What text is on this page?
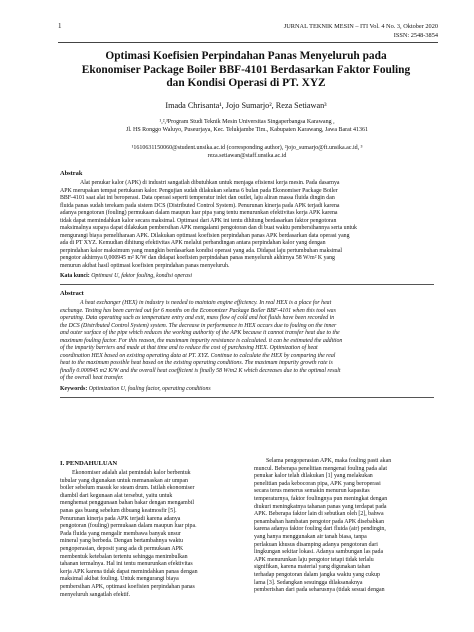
1	JURNAL TEKNIK MESIN – ITI Vol. 4 No. 3, Oktober 2020
ISSN: 2548-3854
Optimasi Koefisien Perpindahan Panas Menyeluruh pada
Ekonomiser Package Boiler BBF-4101 Berdasarkan Faktor Fouling
dan Kondisi Operasi di PT. XYZ
Imada Chrisanta¹, Jojo Sumarjo², Reza Setiawan³
¹,²,³Program Studi Teknik Mesin Universitas Singaperbangsa Karawang ,
Jl. HS Ronggo Waluyo, Puseurjaya, Kec. Telukjambe Tim., Kabupaten Karawang, Jawa Barat 41361
¹1610631150060@student.unsika.ac.id (corresponding author), ²jojo_sumarjo@ft.unsika.ac.id, ³
reza.setiawan@staff.unsika.ac.id
Abstrak
Alat penukar kalor (APK) di industri sangatlah dibutuhkan untuk menjaga efisiensi kerja mesin. Pada dasarnya
APK merupakan tempat pertukaran kalor. Pengujian sudah dilakukan selama 6 bulan pada Ekonomiser Package Boiler
BBF-4101 saat alat ini beroperasi. Data operasi seperti temperatur inlet dan outlet, laju aliran massa fluida dingin dan
fluida panas sudah terekam pada sistem DCS (Distributed Control System). Penurunan kinerja pada APK terjadi karena
adanya pengotoran (fouling) permukaan dalam maupun luar pipa yang tentu menurunkan efektivitas kerja APK karena
tidak dapat memindahkan kalor secara maksimal. Optimasi dari APK ini tentu dihitung berdasarkan faktor pengotoran
maksimalnya supaya dapat dilakukan pembersihan APK mengalami pengotoran dan di buat waktu pembersihannya serta untuk
mengurangi biaya pemeliharaan APK. Dilakukan optimasi koefisien perpindahan panas APK berdasarkan data operasi yang
ada di PT XYZ. Kemudian dihitung efektivitas APK melalui perbandingan antara perpindahan kalor yang dengan
perpindahan kalor maksimum yang mungkin berdasarkan kondisi operasi yang ada. Didapat laju pertumbuhan maksimal
pengotor akhirnya 0,000945 m² K/W dan didapat koefisien perpindahan panas menyeluruh akhirnya 58 W/m² K yang
menurun akibat hasil optimasi koefisien perpindahan panas menyeluruh.
Kata kunci: Optimasi U, faktor fouling, kondisi operasi
Abstract
A heat exchanger (HEX) in industry is needed to maintain engine efficiency. In real HEX is a place for heat
exchange. Testing has been carried out for 6 months on the Economizer Package Boiler BBF-4101 when this tool was
operating. Data operating such as temperature entry and exit, mass flow of cold and hot fluids have been recorded in
the DCS (Distributed Control System) system. The decrease in performance in HEX occurs due to fouling on the inner
and outer surface of the pipe which reduces the working authority of the APK because it cannot transfer heat due to the
maximum fouling factor. For this reason, the maximum impurity resistance is calculated. it can be estimated the addition
of the impurity barriers and made at that time and to reduce the cost of purchasing HEX. Optimization of heat
coordination HEX based on existing operating data at PT. XYZ. Continue to calculate the HEX by comparing the real
heat to the maximum possible heat based on the existing operating conditions. The maximum impurity growth rate is
finally 0.000945 m2 K/W and the overall heat coefficient is finally 58 W/m2 K which decreases due to the optimal result
of the overall heat transfer.
Keywords: Optimization U, fouling factor, operating conditions
I. PENDAHULUAN
Ekonomiser adalah alat pemindah kalor berbentuk
tubular yang digunakan untuk memanaskan air umpan
boiler sebelum masuk ke steam drum. Istilah ekonomiser
diambil dari kegunaan alat tersebut, yaitu untuk
menghemat penggunaan bahan bakar dengan mengambil
panas gas buang sebelum dibuang keatmosfir [5].
Penurunan kinerja pada APK terjadi karena adanya
pengotoran (fouling) permukaan dalam maupun luar pipa.
Pada fluida yang mengalir membawa banyak unsur
mineral yang berbeda. Dengan bertambahnya waktu
pengoperasian, deposit yang ada di permukaan APK
membentuk ketebalan tertentu sehingga menimbulkan
tahanan termalnya. Hal ini tentu menurunkan efektivitas
kerja APK karena tidak dapat memindahkan panas dengan
maksimal akibat fouling. Untuk mengurangi biaya
pembersihan APK, optimasi koefisien perpindahan panas
menyeluruh sangatlah efektif.
Selama pengoperasian APK, maka fouling pasti akan
muncul. Beberapa penelitian mengenai fouling pada alat
penukar kalor telah dilakukan [1] yang melakukan
penelitian pada kebocoran pipa, APK yang beroperasi
secara terus menerus semakin menurun kapasitas
temperaturnya, faktor foulingnya pun meningkat dengan
diukuri meningkatnya tahanan panas yang terdapat pada
APK. Beberapa faktor lain di sebutkan oleh [2], bahwa
penambahan hambatan pengotor pada APK disebabkan
karena adanya faktor fouling dari fluida (air) pendingin,
yang hanya menggunakan air tanah biasa, tanpa
perlakuan khusus disamping adanya pengotoran dari
lingkungan sekitar lokasi. Adanya sambungan las pada
APK menurunkan laju pengotor tetapi tidak terlalu
signifikan, karena material yang digunakan tahan
terhadap pengotoran dalam jangka waktu yang cukup
lama [3]. Sedangkan sesuingga dilaksanaknya
pemberishan dari pada seharusnya (tidak sesuai dengan
